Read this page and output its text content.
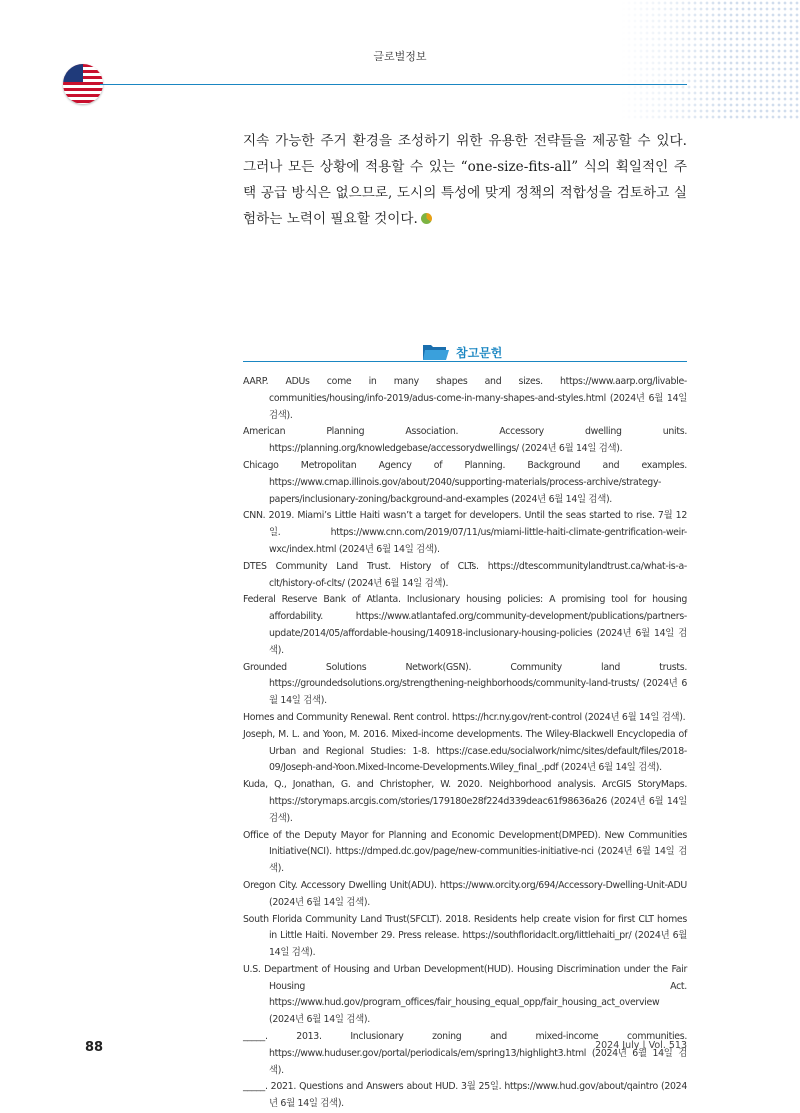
글로벌정보
지속 가능한 주거 환경을 조성하기 위한 유용한 전략들을 제공할 수 있다. 그러나 모든 상황에 적용할 수 있는 “one-size-fits-all” 식의 획일적인 주택 공급 방식은 없으므로, 도시의 특성에 맞게 정책의 적합성을 검토하고 실험하는 노력이 필요할 것이다.
참고문헌

AARP. ADUs come in many shapes and sizes. https://www.aarp.org/livable-communities/housing/info-2019/adus-come-in-many-shapes-and-styles.html (2024년 6월 14일 검색).

American Planning Association. Accessory dwelling units. https://planning.org/knowledgebase/accessorydwellings/ (2024년 6월 14일 검색).

Chicago Metropolitan Agency of Planning. Background and examples. https://www.cmap.illinois.gov/about/2040/supporting-materials/process-archive/strategy-papers/inclusionary-zoning/background-and-examples (2024년 6월 14일 검색).

CNN. 2019. Miami’s Little Haiti wasn’t a target for developers. Until the seas started to rise. 7월 12일. https://www.cnn.com/2019/07/11/us/miami-little-haiti-climate-gentrification-weir-wxc/index.html (2024년 6월 14일 검색).

DTES Community Land Trust. History of CLTs. https://dtescommunitylandtrust.ca/what-is-a-clt/history-of-clts/ (2024년 6월 14일 검색).

Federal Reserve Bank of Atlanta. Inclusionary housing policies: A promising tool for housing affordability. https://www.atlantafed.org/community-development/publications/partners-update/2014/05/affordable-housing/140918-inclusionary-housing-policies (2024년 6월 14일 검색).

Grounded Solutions Network(GSN). Community land trusts. https://groundedsolutions.org/strengthening-neighborhoods/community-land-trusts/ (2024년 6월 14일 검색).

Homes and Community Renewal. Rent control. https://hcr.ny.gov/rent-control (2024년 6월 14일 검색).

Joseph, M. L. and Yoon, M. 2016. Mixed-income developments. The Wiley-Blackwell Encyclopedia of Urban and Regional Studies: 1-8. https://case.edu/socialwork/nimc/sites/default/files/2018-09/Joseph-and-Yoon.Mixed-Income-Developments.Wiley_final_.pdf (2024년 6월 14일 검색).

Kuda, Q., Jonathan, G. and Christopher, W. 2020. Neighborhood analysis. ArcGIS StoryMaps. https://storymaps.arcgis.com/stories/179180e28f224d339deac61f98636a26 (2024년 6월 14일 검색).

Office of the Deputy Mayor for Planning and Economic Development(DMPED). New Communities Initiative(NCI). https://dmped.dc.gov/page/new-communities-initiative-nci (2024년 6월 14일 검색).

Oregon City. Accessory Dwelling Unit(ADU). https://www.orcity.org/694/Accessory-Dwelling-Unit-ADU (2024년 6월 14일 검색).

South Florida Community Land Trust(SFCLT). 2018. Residents help create vision for first CLT homes in Little Haiti. November 29. Press release. https://southfloridaclt.org/littlehaiti_pr/ (2024년 6월 14일 검색).

U.S. Department of Housing and Urban Development(HUD). Housing Discrimination under the Fair Housing Act. https://www.hud.gov/program_offices/fair_housing_equal_opp/fair_housing_act_overview (2024년 6월 14일 검색).

_____. 2013. Inclusionary zoning and mixed-income communities. https://www.huduser.gov/portal/periodicals/em/spring13/highlight3.html (2024년 6월 14일 검색).

_____. 2021. Questions and Answers about HUD. 3월 25일. https://www.hud.gov/about/qaintro (2024년 6월 14일 검색).

88	2024 July | Vol. 513
